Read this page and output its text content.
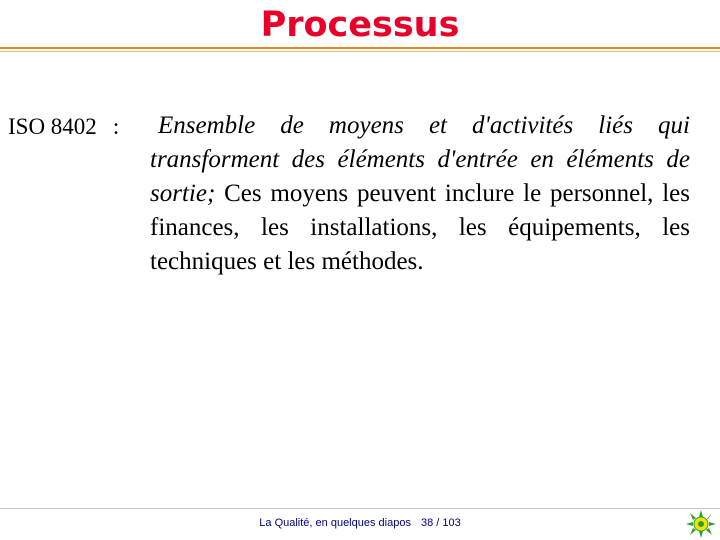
Processus
ISO 8402 : Ensemble de moyens et d'activités liés qui
transforment des éléments d'entrée en éléments de sortie; Ces moyens peuvent inclure le personnel, les finances, les installations, les équipements, les techniques et les méthodes.
La Qualité, en quelques diapos 38 / 103
